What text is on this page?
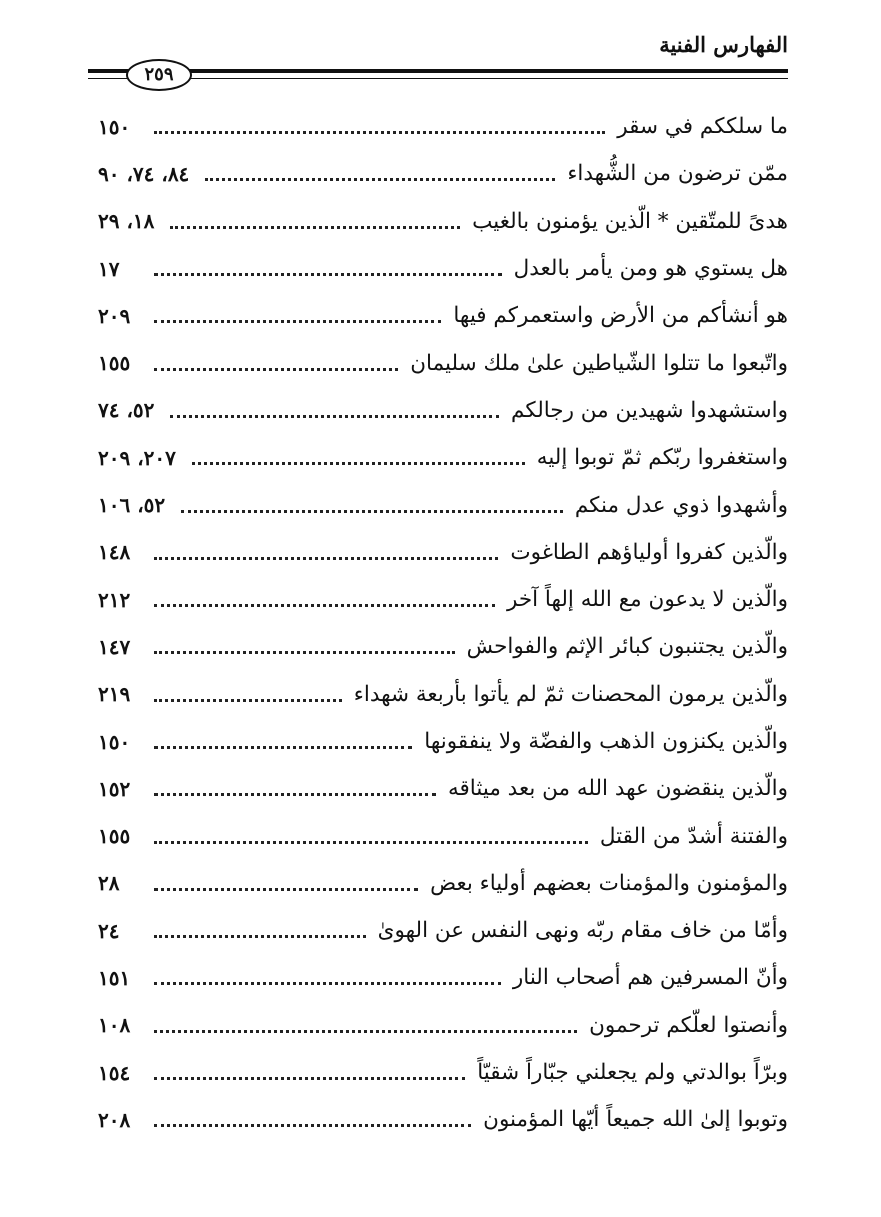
الفهارس الفنية
٢٥٩
ما سلككم في سقر
١٥٠
ممّن ترضون من الشُّهداء
٨٤، ٧٤، ٩٠
هدىً للمتّقين * الّذين يؤمنون بالغيب
١٨، ٢٩
هل يستوي هو ومن يأمر بالعدل
١٧
هو أنشأكم من الأرض واستعمركم فيها
٢٠٩
واتّبعوا ما تتلوا الشّياطين علىٰ ملك سليمان
١٥٥
واستشهدوا شهيدين من رجالكم
٥٢، ٧٤
واستغفروا ربّكم ثمّ توبوا إليه
٢٠٧، ٢٠٩
وأشهدوا ذوي عدل منكم
٥٢، ١٠٦
والّذين كفروا أولياؤهم الطاغوت
١٤٨
والّذين لا يدعون مع الله إلهاً آخر
٢١٢
والّذين يجتنبون كبائر الإثم والفواحش
١٤٧
والّذين يرمون المحصنات ثمّ لم يأتوا بأربعة شهداء
٢١٩
والّذين يكنزون الذهب والفضّة ولا ينفقونها
١٥٠
والّذين ينقضون عهد الله من بعد ميثاقه
١٥٢
والفتنة أشدّ من القتل
١٥٥
والمؤمنون والمؤمنات بعضهم أولياء بعض
٢٨
وأمّا من خاف مقام ربّه ونهى النفس عن الهوىٰ
٢٤
وأنّ المسرفين هم أصحاب النار
١٥١
وأنصتوا لعلّكم ترحمون
١٠٨
وبرّاً بوالدتي ولم يجعلني جبّاراً شقيّاً
١٥٤
وتوبوا إلىٰ الله جميعاً أيّها المؤمنون
٢٠٨
